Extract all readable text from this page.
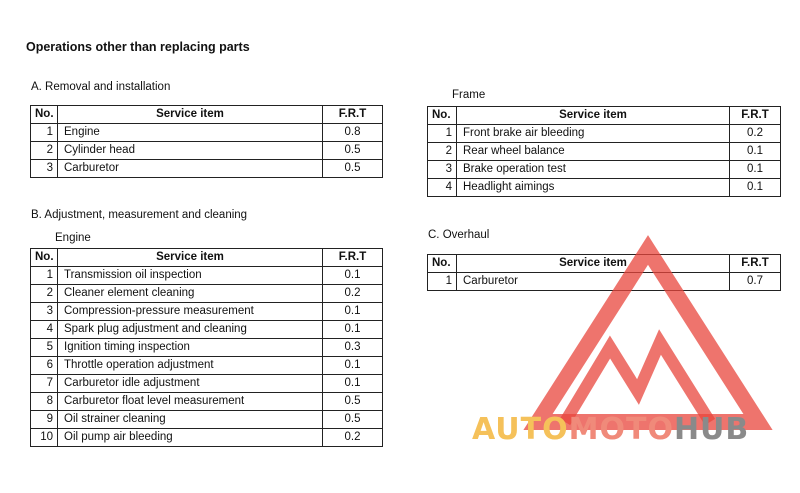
Operations other than replacing parts
A. Removal and installation
No.	Service item	F.R.T
1	Engine	0.8
2	Cylinder head	0.5
3	Carburetor	0.5
B. Adjustment, measurement and cleaning
Engine
No.	Service item	F.R.T
1	Transmission oil inspection	0.1
2	Cleaner element cleaning	0.2
3	Compression-pressure measurement	0.1
4	Spark plug adjustment and cleaning	0.1
5	Ignition timing inspection	0.3
6	Throttle operation adjustment	0.1
7	Carburetor idle adjustment	0.1
8	Carburetor float level measurement	0.5
9	Oil strainer cleaning	0.5
10	Oil pump air bleeding	0.2
Frame
No.	Service item	F.R.T
1	Front brake air bleeding	0.2
2	Rear wheel balance	0.1
3	Brake operation test	0.1
4	Headlight aimings	0.1
C. Overhaul
No.	Service item	F.R.T
1	Carburetor	0.7
AUTOMOTOHUB
